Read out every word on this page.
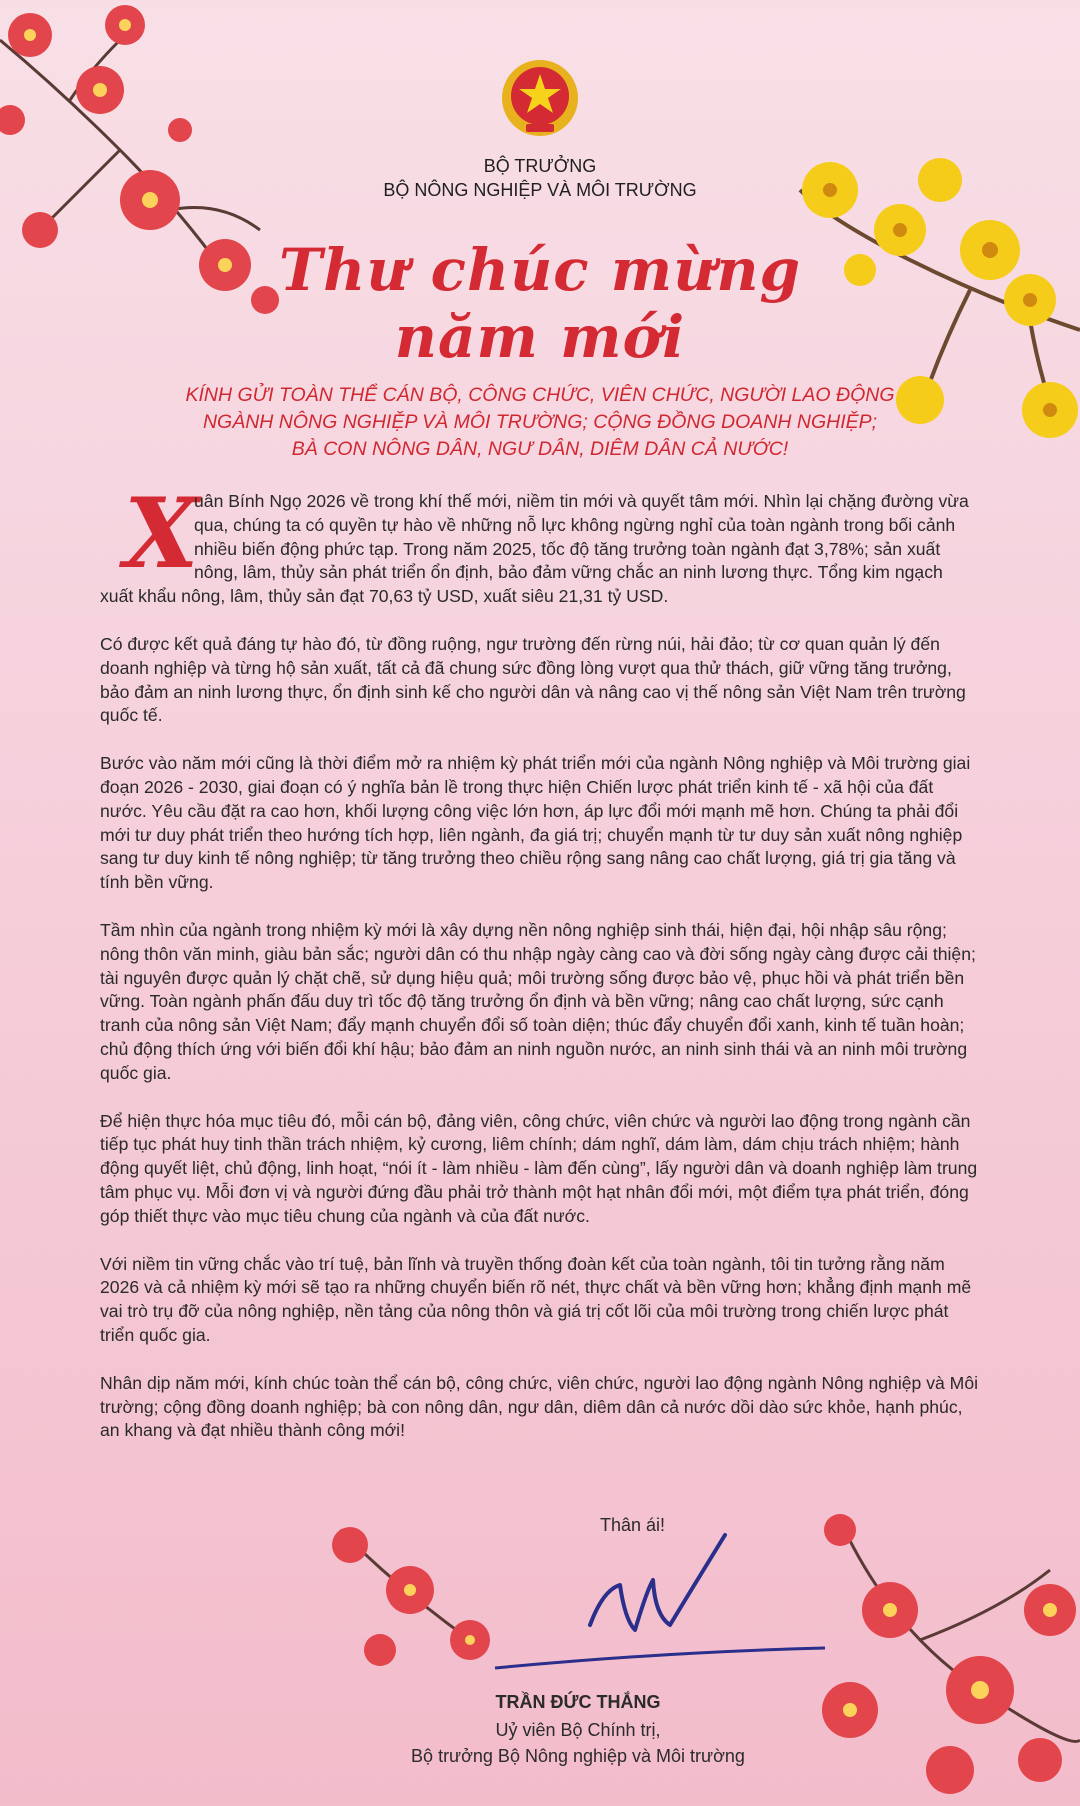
BỘ TRƯỞNG
BỘ NÔNG NGHIỆP VÀ MÔI TRƯỜNG
Thư chúc mừng
năm mới
KÍNH GỬI TOÀN THỂ CÁN BỘ, CÔNG CHỨC, VIÊN CHỨC, NGƯỜI LAO ĐỘNG
NGÀNH NÔNG NGHIỆP VÀ MÔI TRƯỜNG; CỘNG ĐỒNG DOANH NGHIỆP;
BÀ CON NÔNG DÂN, NGƯ DÂN, DIÊM DÂN CẢ NƯỚC!

X
uân Bính Ngọ 2026 về trong khí thế mới, niềm tin mới và quyết tâm mới. Nhìn lại chặng đường vừa qua, chúng ta có quyền tự hào về những nỗ lực không ngừng nghỉ của toàn ngành trong bối cảnh nhiều biến động phức tạp. Trong năm 2025, tốc độ tăng trưởng toàn ngành đạt 3,78%; sản xuất nông, lâm, thủy sản phát triển ổn định, bảo đảm vững chắc an ninh lương thực. Tổng kim ngạch xuất khẩu nông, lâm, thủy sản đạt 70,63 tỷ USD, xuất siêu 21,31 tỷ USD.

Có được kết quả đáng tự hào đó, từ đồng ruộng, ngư trường đến rừng núi, hải đảo; từ cơ quan quản lý đến doanh nghiệp và từng hộ sản xuất, tất cả đã chung sức đồng lòng vượt qua thử thách, giữ vững tăng trưởng, bảo đảm an ninh lương thực, ổn định sinh kế cho người dân và nâng cao vị thế nông sản Việt Nam trên trường quốc tế.

Bước vào năm mới cũng là thời điểm mở ra nhiệm kỳ phát triển mới của ngành Nông nghiệp và Môi trường giai đoạn 2026 - 2030, giai đoạn có ý nghĩa bản lề trong thực hiện Chiến lược phát triển kinh tế - xã hội của đất nước. Yêu cầu đặt ra cao hơn, khối lượng công việc lớn hơn, áp lực đổi mới mạnh mẽ hơn. Chúng ta phải đổi mới tư duy phát triển theo hướng tích hợp, liên ngành, đa giá trị; chuyển mạnh từ tư duy sản xuất nông nghiệp sang tư duy kinh tế nông nghiệp; từ tăng trưởng theo chiều rộng sang nâng cao chất lượng, giá trị gia tăng và tính bền vững.

Tầm nhìn của ngành trong nhiệm kỳ mới là xây dựng nền nông nghiệp sinh thái, hiện đại, hội nhập sâu rộng; nông thôn văn minh, giàu bản sắc; người dân có thu nhập ngày càng cao và đời sống ngày càng được cải thiện; tài nguyên được quản lý chặt chẽ, sử dụng hiệu quả; môi trường sống được bảo vệ, phục hồi và phát triển bền vững. Toàn ngành phấn đấu duy trì tốc độ tăng trưởng ổn định và bền vững; nâng cao chất lượng, sức cạnh tranh của nông sản Việt Nam; đẩy mạnh chuyển đổi số toàn diện; thúc đẩy chuyển đổi xanh, kinh tế tuần hoàn; chủ động thích ứng với biến đổi khí hậu; bảo đảm an ninh nguồn nước, an ninh sinh thái và an ninh môi trường quốc gia.

Để hiện thực hóa mục tiêu đó, mỗi cán bộ, đảng viên, công chức, viên chức và người lao động trong ngành cần tiếp tục phát huy tinh thần trách nhiệm, kỷ cương, liêm chính; dám nghĩ, dám làm, dám chịu trách nhiệm; hành động quyết liệt, chủ động, linh hoạt, “nói ít - làm nhiều - làm đến cùng”, lấy người dân và doanh nghiệp làm trung tâm phục vụ. Mỗi đơn vị và người đứng đầu phải trở thành một hạt nhân đổi mới, một điểm tựa phát triển, đóng góp thiết thực vào mục tiêu chung của ngành và của đất nước.

Với niềm tin vững chắc vào trí tuệ, bản lĩnh và truyền thống đoàn kết của toàn ngành, tôi tin tưởng rằng năm 2026 và cả nhiệm kỳ mới sẽ tạo ra những chuyển biến rõ nét, thực chất và bền vững hơn; khẳng định mạnh mẽ vai trò trụ đỡ của nông nghiệp, nền tảng của nông thôn và giá trị cốt lõi của môi trường trong chiến lược phát triển quốc gia.

Nhân dịp năm mới, kính chúc toàn thể cán bộ, công chức, viên chức, người lao động ngành Nông nghiệp và Môi trường; cộng đồng doanh nghiệp; bà con nông dân, ngư dân, diêm dân cả nước dồi dào sức khỏe, hạnh phúc, an khang và đạt nhiều thành công mới!

Thân ái!
TRẦN ĐỨC THẮNG
Uỷ viên Bộ Chính trị,
Bộ trưởng Bộ Nông nghiệp và Môi trường
